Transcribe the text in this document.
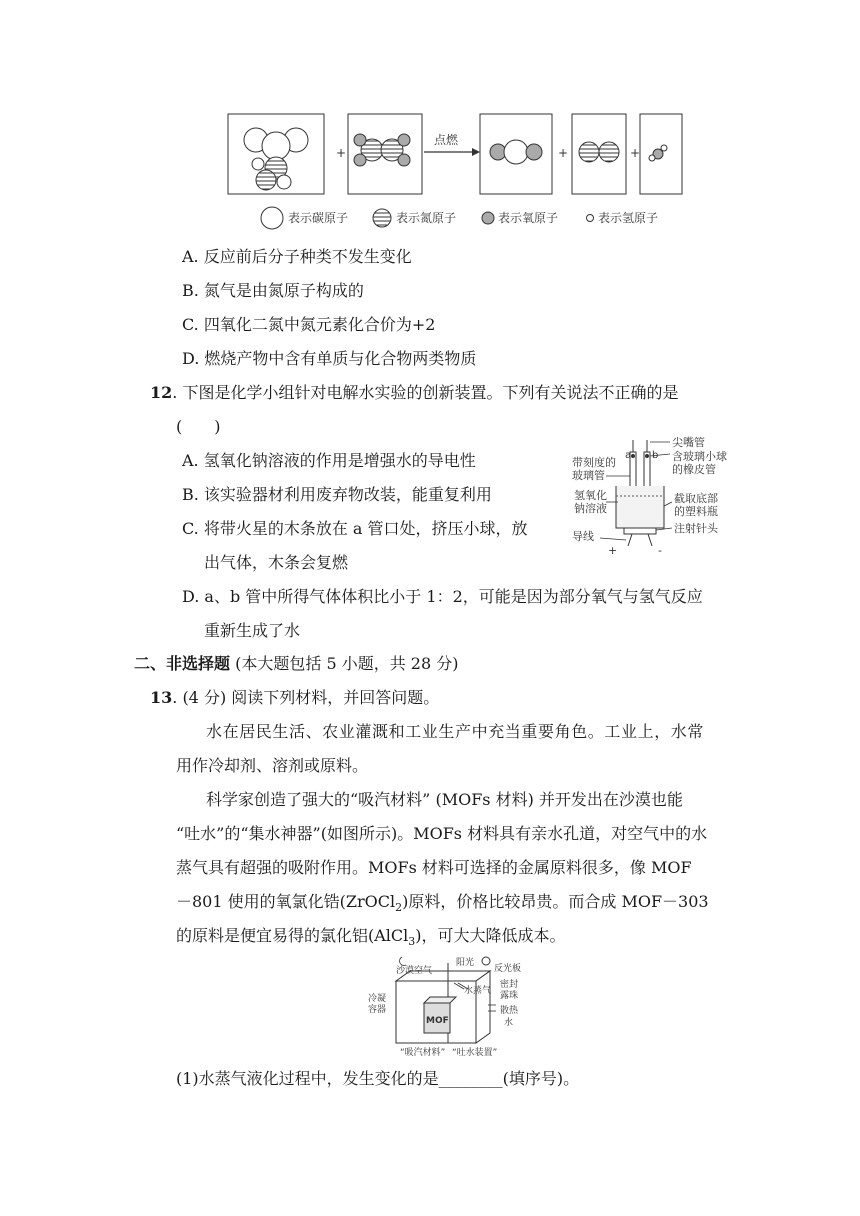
+
点燃
+	+
表示碳原子	表示氮原子	表示氧原子	表示氢原子
A. 反应前后分子种类不发生变化
B. 氮气是由氮原子构成的
C. 四氧化二氮中氮元素化合价为+2
D. 燃烧产物中含有单质与化合物两类物质
12. 下图是化学小组针对电解水实验的创新装置。下列有关说法不正确的是
(　　)
A. 氢氧化钠溶液的作用是增强水的导电性
B. 该实验器材利用废弃物改装，能重复利用
C. 将带火星的木条放在 a 管口处，挤压小球，放
出气体，木条会复燃
D. a、b 管中所得气体体积比小于 1：2，可能是因为部分氧气与氢气反应
重新生成了水
a b
尖嘴管
含玻璃小球
的橡皮管
带刻度的
玻璃管
氢氧化
钠溶液
截取底部
的塑料瓶
注射针头
导线
+	-
二、非选择题 (本大题包括 5 小题，共 28 分)
13. (4 分) 阅读下列材料，并回答问题。
水在居民生活、农业灌溉和工业生产中充当重要角色。工业上，水常
用作冷却剂、溶剂或原料。
科学家创造了强大的“吸汽材料” (MOFs 材料) 并开发出在沙漠也能
“吐水”的“集水神器”(如图所示)。MOFs 材料具有亲水孔道，对空气中的水
蒸气具有超强的吸附作用。MOFs 材料可选择的金属原料很多，像 MOF
－801 使用的氧氯化锆(ZrOCl$_2$)原料，价格比较昂贵。而合成 MOF－303
的原料是便宜易得的氯化铝(AlCl$_3$)，可大大降低成本。
沙漠空气
阳光
反光板
水蒸气
密封
露珠
散热
水
冷凝
容器
MOF
“吸汽材料” “吐水装置”
(1)水蒸气液化过程中，发生变化的是________(填序号)。
